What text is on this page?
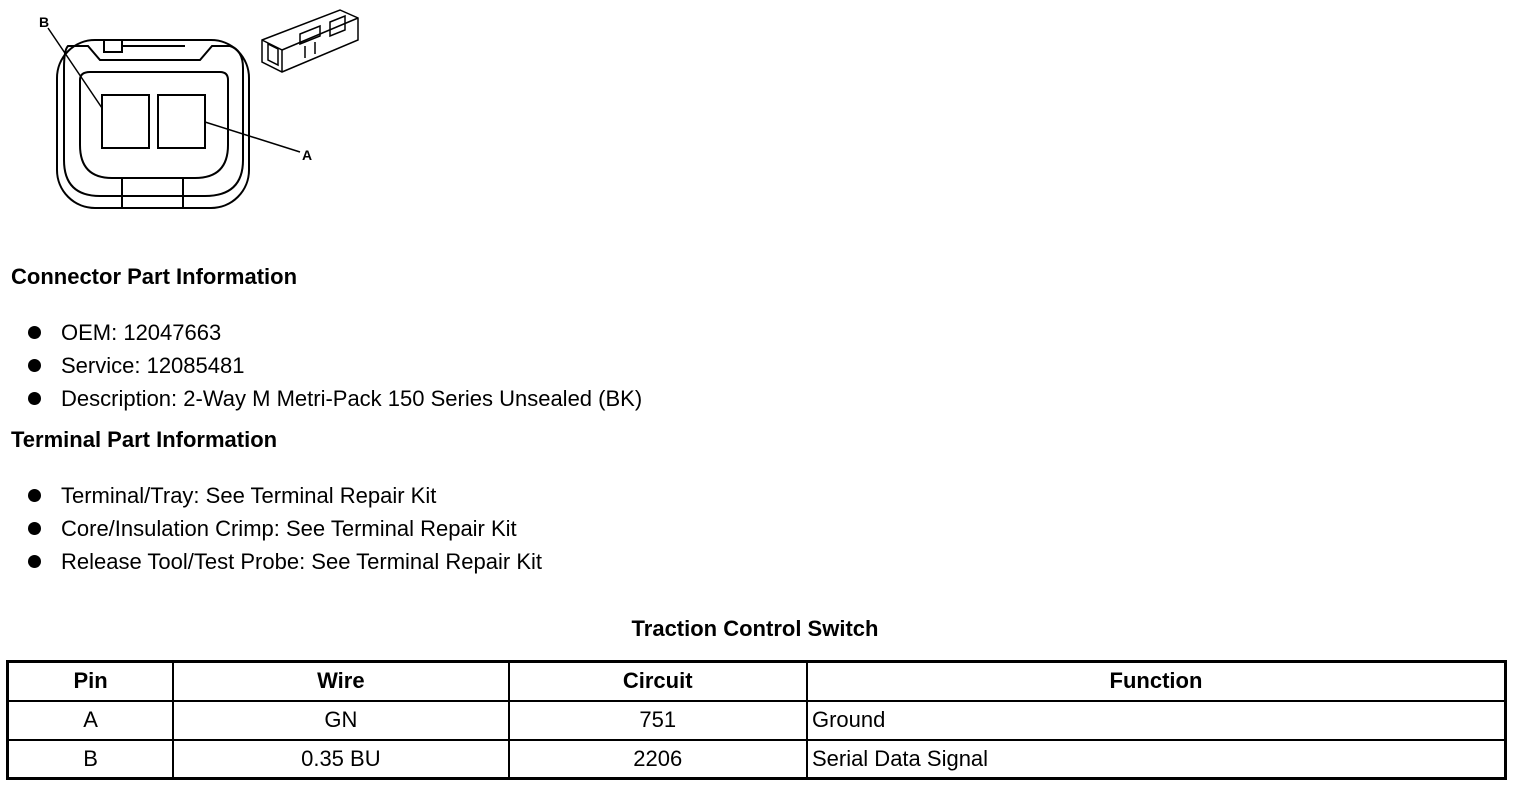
B
A
Connector Part Information
OEM: 12047663
Service: 12085481
Description: 2-Way M Metri-Pack 150 Series Unsealed (BK)
Terminal Part Information
Terminal/Tray: See Terminal Repair Kit
Core/Insulation Crimp: See Terminal Repair Kit
Release Tool/Test Probe: See Terminal Repair Kit
Traction Control Switch
Pin	Wire	Circuit	Function
A	GN	751	Ground
B	0.35 BU	2206	Serial Data Signal
